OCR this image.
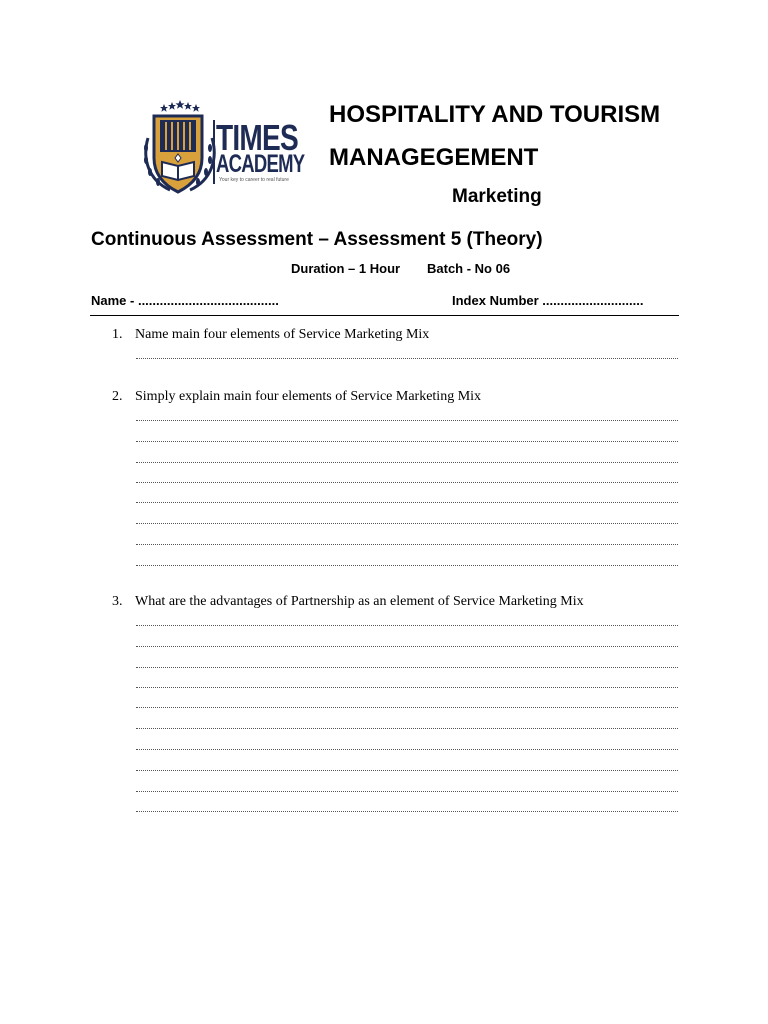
TIMES
ACADEMY
Your key to career to real future
HOSPITALITY AND TOURISM MANAGEGEMENT
Marketing
Continuous Assessment – Assessment 5 (Theory)
Duration – 1 Hour Batch - No 06
Name - .......................................	Index Number ............................
1. Name main four elements of Service Marketing Mix
2. Simply explain main four elements of Service Marketing Mix
3. What are the advantages of Partnership as an element of Service Marketing Mix
